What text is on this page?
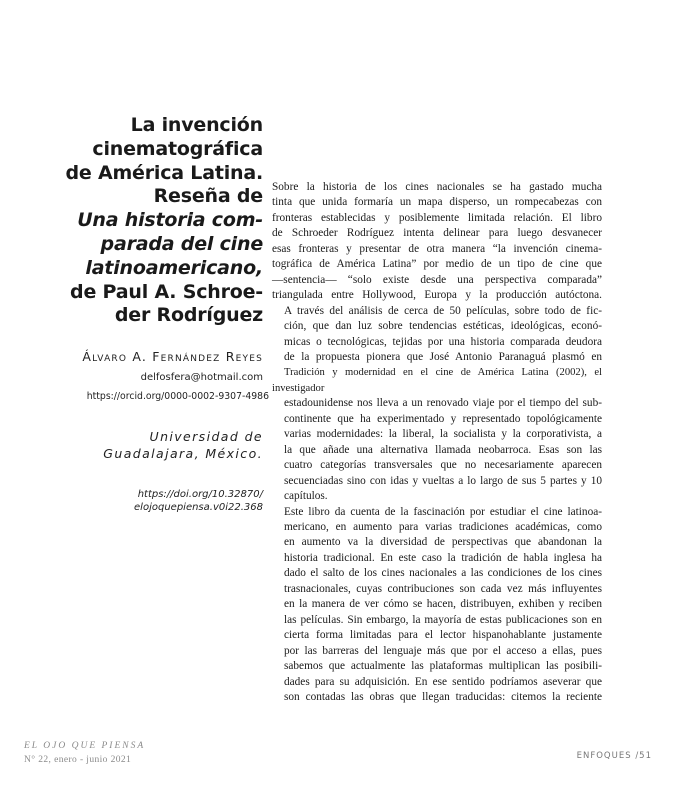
La invención
cinematográfica
de América Latina.
Reseña de
Una historia com-
parada del cine
latinoamericano,
de Paul A. Schroe-
der Rodríguez
Álvaro A. Fernández Reyes
delfosfera@hotmail.com
https://orcid.org/0000-0002-9307-4986
Universidad de
Guadalajara, México.
https://doi.org/10.32870/
elojoquepiensa.v0i22.368

Sobre la historia de los cines nacionales se ha gastado mucha
tinta que unida formaría un mapa disperso, un rompecabezas con
fronteras establecidas y posiblemente limitada relación. El libro
de Schroeder Rodríguez intenta delinear para luego desvanecer
esas fronteras y presentar de otra manera “la invención cinema-
tográfica de América Latina” por medio de un tipo de cine que
—sentencia— “solo existe desde una perspectiva comparada”
triangulada entre Hollywood, Europa y la producción autóctona.

A través del análisis de cerca de 50 películas, sobre todo de fic-
ción, que dan luz sobre tendencias estéticas, ideológicas, econó-
micas o tecnológicas, tejidas por una historia comparada deudora
de la propuesta pionera que José Antonio Paranaguá plasmó en
Tradición y modernidad en el cine de América Latina (2002), el investigador
estadounidense nos lleva a un renovado viaje por el tiempo del sub-
continente que ha experimentado y representado topológicamente
varias modernidades: la liberal, la socialista y la corporativista, a
la que añade una alternativa llamada neobarroca. Esas son las
cuatro categorías transversales que no necesariamente aparecen
secuenciadas sino con idas y vueltas a lo largo de sus 5 partes y 10
capítulos.

Este libro da cuenta de la fascinación por estudiar el cine latinoa-
mericano, en aumento para varias tradiciones académicas, como
en aumento va la diversidad de perspectivas que abandonan la
historia tradicional. En este caso la tradición de habla inglesa ha
dado el salto de los cines nacionales a las condiciones de los cines
trasnacionales, cuyas contribuciones son cada vez más influyentes
en la manera de ver cómo se hacen, distribuyen, exhiben y reciben
las películas. Sin embargo, la mayoría de estas publicaciones son en
cierta forma limitadas para el lector hispanohablante justamente
por las barreras del lenguaje más que por el acceso a ellas, pues
sabemos que actualmente las plataformas multiplican las posibili-
dades para su adquisición. En ese sentido podríamos aseverar que
son contadas las obras que llegan traducidas: citemos la reciente

EL OJO QUE PIENSA
N° 22, enero - junio 2021	ENFOQUES /51
